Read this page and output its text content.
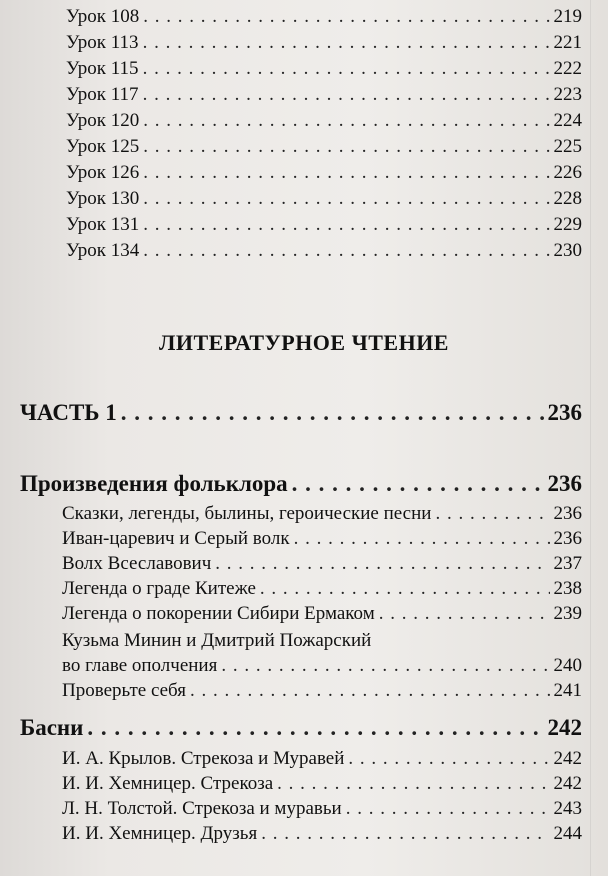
Урок 108 . . .	219
Урок 113 . . .	221
Урок 115 . . .	222
Урок 117 . . .	223
Урок 120 . . .	224
Урок 125 . . .	225
Урок 126 . . .	226
Урок 130 . . .	228
Урок 131 . . .	229
Урок 134 . . .	230
ЛИТЕРАТУРНОЕ ЧТЕНИЕ
ЧАСТЬ 1 . . .	236
Произведения фольклора . . .	236
Сказки, легенды, былины, героические песни . . .	236
Иван-царевич и Серый волк . . .	236
Волх Всеславович . . .	237
Легенда о граде Китеже . . .	238
Легенда о покорении Сибири Ермаком . . .	239
Кузьма Минин и Дмитрий Пожарский
во главе ополчения . . .	240
Проверьте себя . . .	241
Басни . . .	242
И. А. Крылов. Стрекоза и Муравей . . .	242
И. И. Хемницер. Стрекоза . . .	242
Л. Н. Толстой. Стрекоза и муравьи . . .	243
И. И. Хемницер. Друзья . . .	244
